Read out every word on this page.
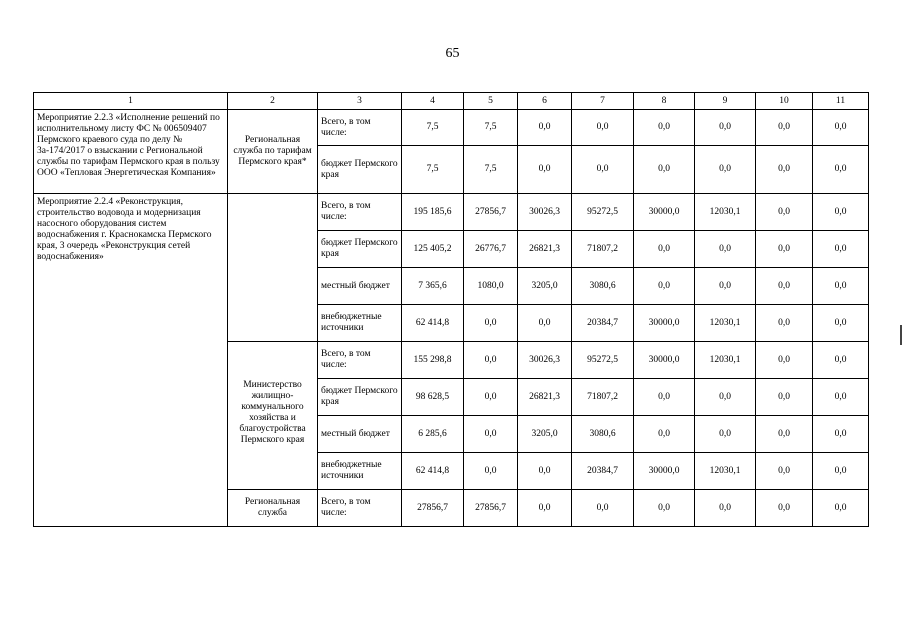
65
1	2	3	4	5	6	7	8	9	10	11
Мероприятие 2.2.3 «Исполнение решений по исполнительному листу ФС № 006509407 Пермского краевого суда по делу № 3а-174/2017 о взыскании с Региональной службы по тарифам Пермского края в пользу ООО «Тепловая Энергетическая Компания»	Региональная служба по тарифам Пермского края*	Всего, в том числе:	7,5	7,5	0,0	0,0	0,0	0,0	0,0	0,0
		бюджет Пермского края	7,5	7,5	0,0	0,0	0,0	0,0	0,0	0,0
Мероприятие 2.2.4 «Реконструкция, строительство водовода и модернизация насосного оборудования систем водоснабжения г. Краснокамска Пермского края, 3 очередь «Реконструкция сетей водоснабжения»		Всего, в том числе:	195 185,6	27856,7	30026,3	95272,5	30000,0	12030,1	0,0	0,0
		бюджет Пермского края	125 405,2	26776,7	26821,3	71807,2	0,0	0,0	0,0	0,0
		местный бюджет	7 365,6	1080,0	3205,0	3080,6	0,0	0,0	0,0	0,0
		внебюджетные источники	62 414,8	0,0	0,0	20384,7	30000,0	12030,1	0,0	0,0
	Министерство жилищно-коммунального хозяйства и благоустройства Пермского края	Всего, в том числе:	155 298,8	0,0	30026,3	95272,5	30000,0	12030,1	0,0	0,0
		бюджет Пермского края	98 628,5	0,0	26821,3	71807,2	0,0	0,0	0,0	0,0
		местный бюджет	6 285,6	0,0	3205,0	3080,6	0,0	0,0	0,0	0,0
		внебюджетные источники	62 414,8	0,0	0,0	20384,7	30000,0	12030,1	0,0	0,0
	Региональная служба	Всего, в том числе:	27856,7	27856,7	0,0	0,0	0,0	0,0	0,0	0,0
